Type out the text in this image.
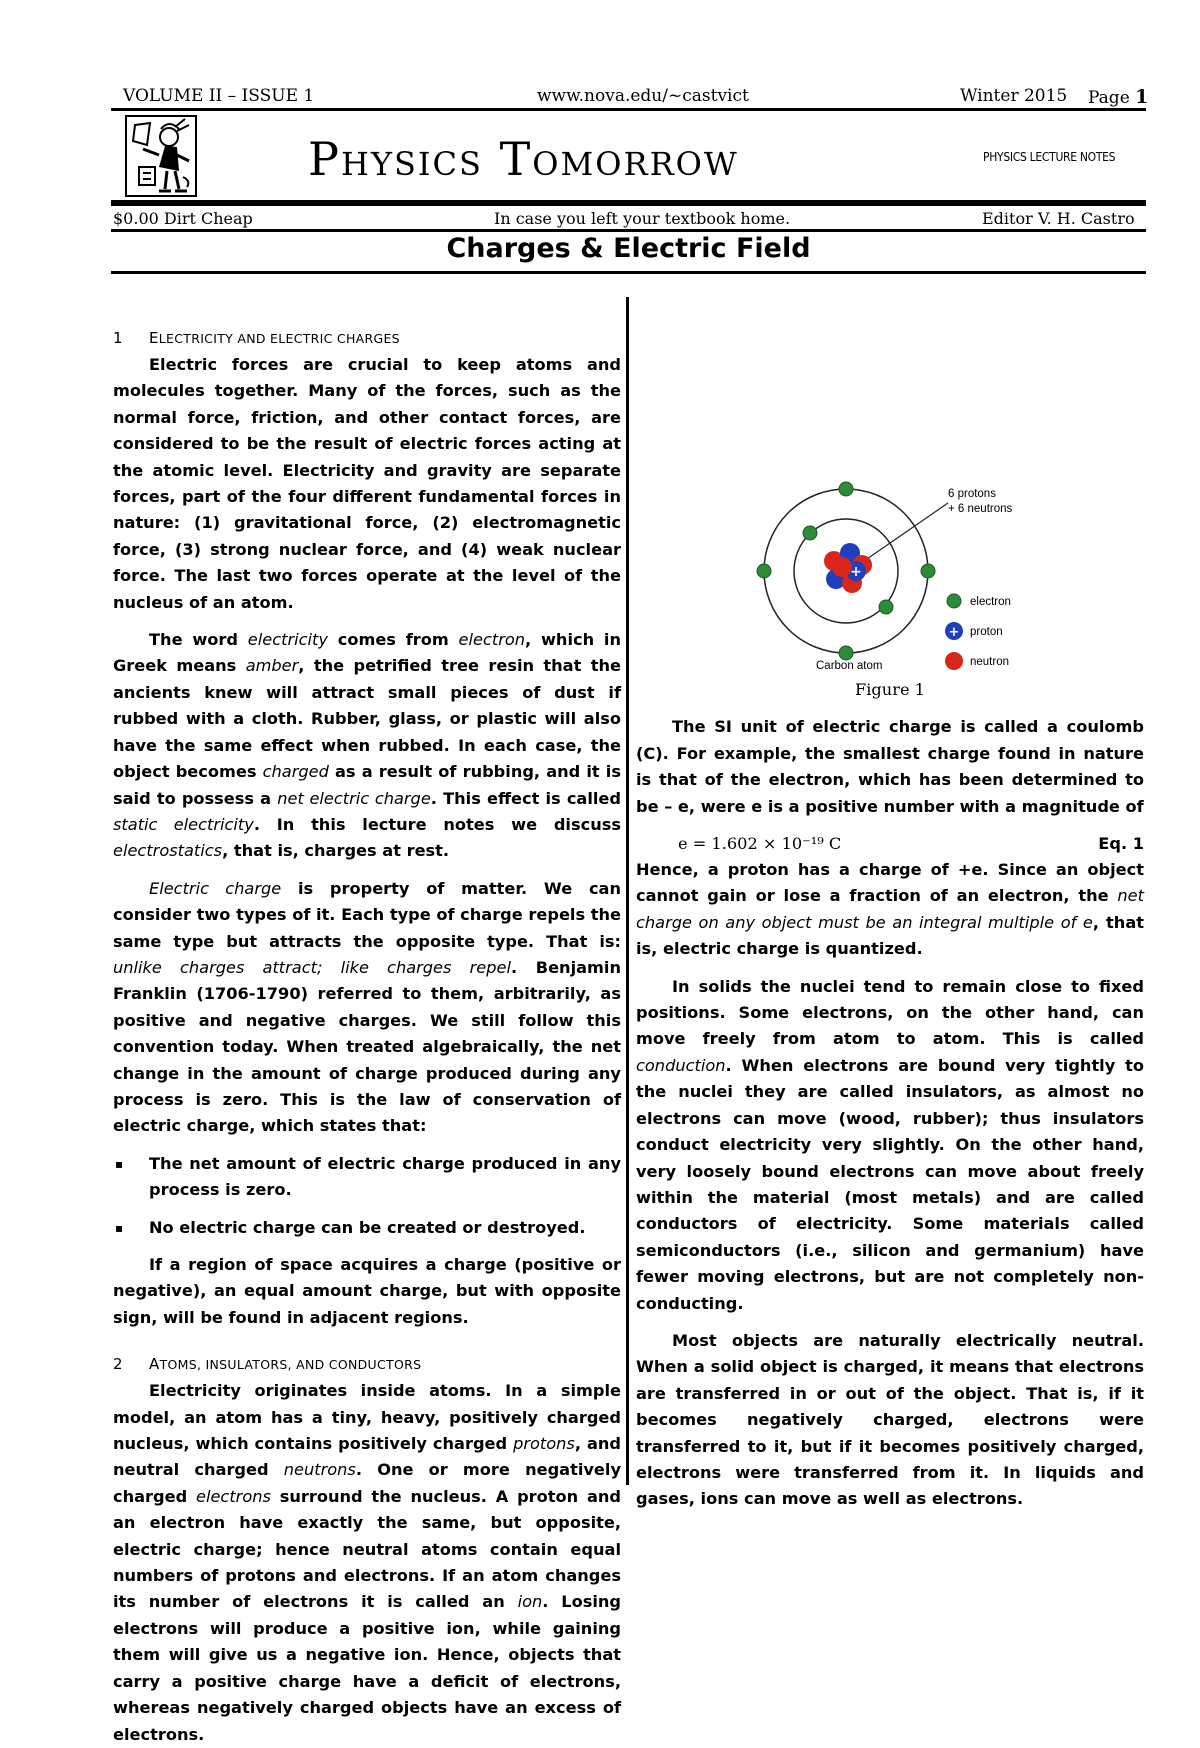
VOLUME II – ISSUE 1	www.nova.edu/~castvict	Winter 2015 Page 1
Physics Tomorrow	PHYSICS LECTURE NOTES
$0.00 Dirt Cheap	In case you left your textbook home.	Editor V. H. Castro
Charges & Electric Field
1 ELECTRICITY AND ELECTRIC CHARGES

Electric forces are crucial to keep atoms and molecules together. Many of the forces, such as the normal force, friction, and other contact forces, are considered to be the result of electric forces acting at the atomic level. Electricity and gravity are separate forces, part of the four different fundamental forces in nature: (1) gravitational force, (2) electromagnetic force, (3) strong nuclear force, and (4) weak nuclear force. The last two forces operate at the level of the nucleus of an atom.

The word electricity comes from electron, which in Greek means amber, the petrified tree resin that the ancients knew will attract small pieces of dust if rubbed with a cloth. Rubber, glass, or plastic will also have the same effect when rubbed. In each case, the object becomes charged as a result of rubbing, and it is said to possess a net electric charge. This effect is called static electricity. In this lecture notes we discuss electrostatics, that is, charges at rest.

Electric charge is property of matter. We can consider two types of it. Each type of charge repels the same type but attracts the opposite type. That is: unlike charges attract; like charges repel. Benjamin Franklin (1706-1790) referred to them, arbitrarily, as positive and negative charges. We still follow this convention today. When treated algebraically, the net change in the amount of charge produced during any process is zero. This is the law of conservation of electric charge, which states that:

▪ The net amount of electric charge produced in any process is zero.
▪ No electric charge can be created or destroyed.

If a region of space acquires a charge (positive or negative), an equal amount charge, but with opposite sign, will be found in adjacent regions.

2 ATOMS, INSULATORS, AND CONDUCTORS

Electricity originates inside atoms. In a simple model, an atom has a tiny, heavy, positively charged nucleus, which contains positively charged protons, and neutral charged neutrons. One or more negatively charged electrons surround the nucleus. A proton and an electron have exactly the same, but opposite, electric charge; hence neutral atoms contain equal numbers of protons and electrons. If an atom changes its number of electrons it is called an ion. Losing electrons will produce a positive ion, while gaining them will give us a negative ion. Hence, objects that carry a positive charge have a deficit of electrons, whereas negatively charged objects have an excess of electrons.

+
6 protons
+ 6 neutrons
electron
+ proton
neutron
Carbon atom
Figure 1

The SI unit of electric charge is called a coulomb (C). For example, the smallest charge found in nature is that of the electron, which has been determined to be – e, were e is a positive number with a magnitude of

e = 1.602 × 10⁻¹⁹ C	Eq. 1

Hence, a proton has a charge of +e. Since an object cannot gain or lose a fraction of an electron, the net charge on any object must be an integral multiple of e, that is, electric charge is quantized.

In solids the nuclei tend to remain close to fixed positions. Some electrons, on the other hand, can move freely from atom to atom. This is called conduction. When electrons are bound very tightly to the nuclei they are called insulators, as almost no electrons can move (wood, rubber); thus insulators conduct electricity very slightly. On the other hand, very loosely bound electrons can move about freely within the material (most metals) and are called conductors of electricity. Some materials called semiconductors (i.e., silicon and germanium) have fewer moving electrons, but are not completely non-conducting.

Most objects are naturally electrically neutral. When a solid object is charged, it means that electrons are transferred in or out of the object. That is, if it becomes negatively charged, electrons were transferred to it, but if it becomes positively charged, electrons were transferred from it. In liquids and gases, ions can move as well as electrons.
